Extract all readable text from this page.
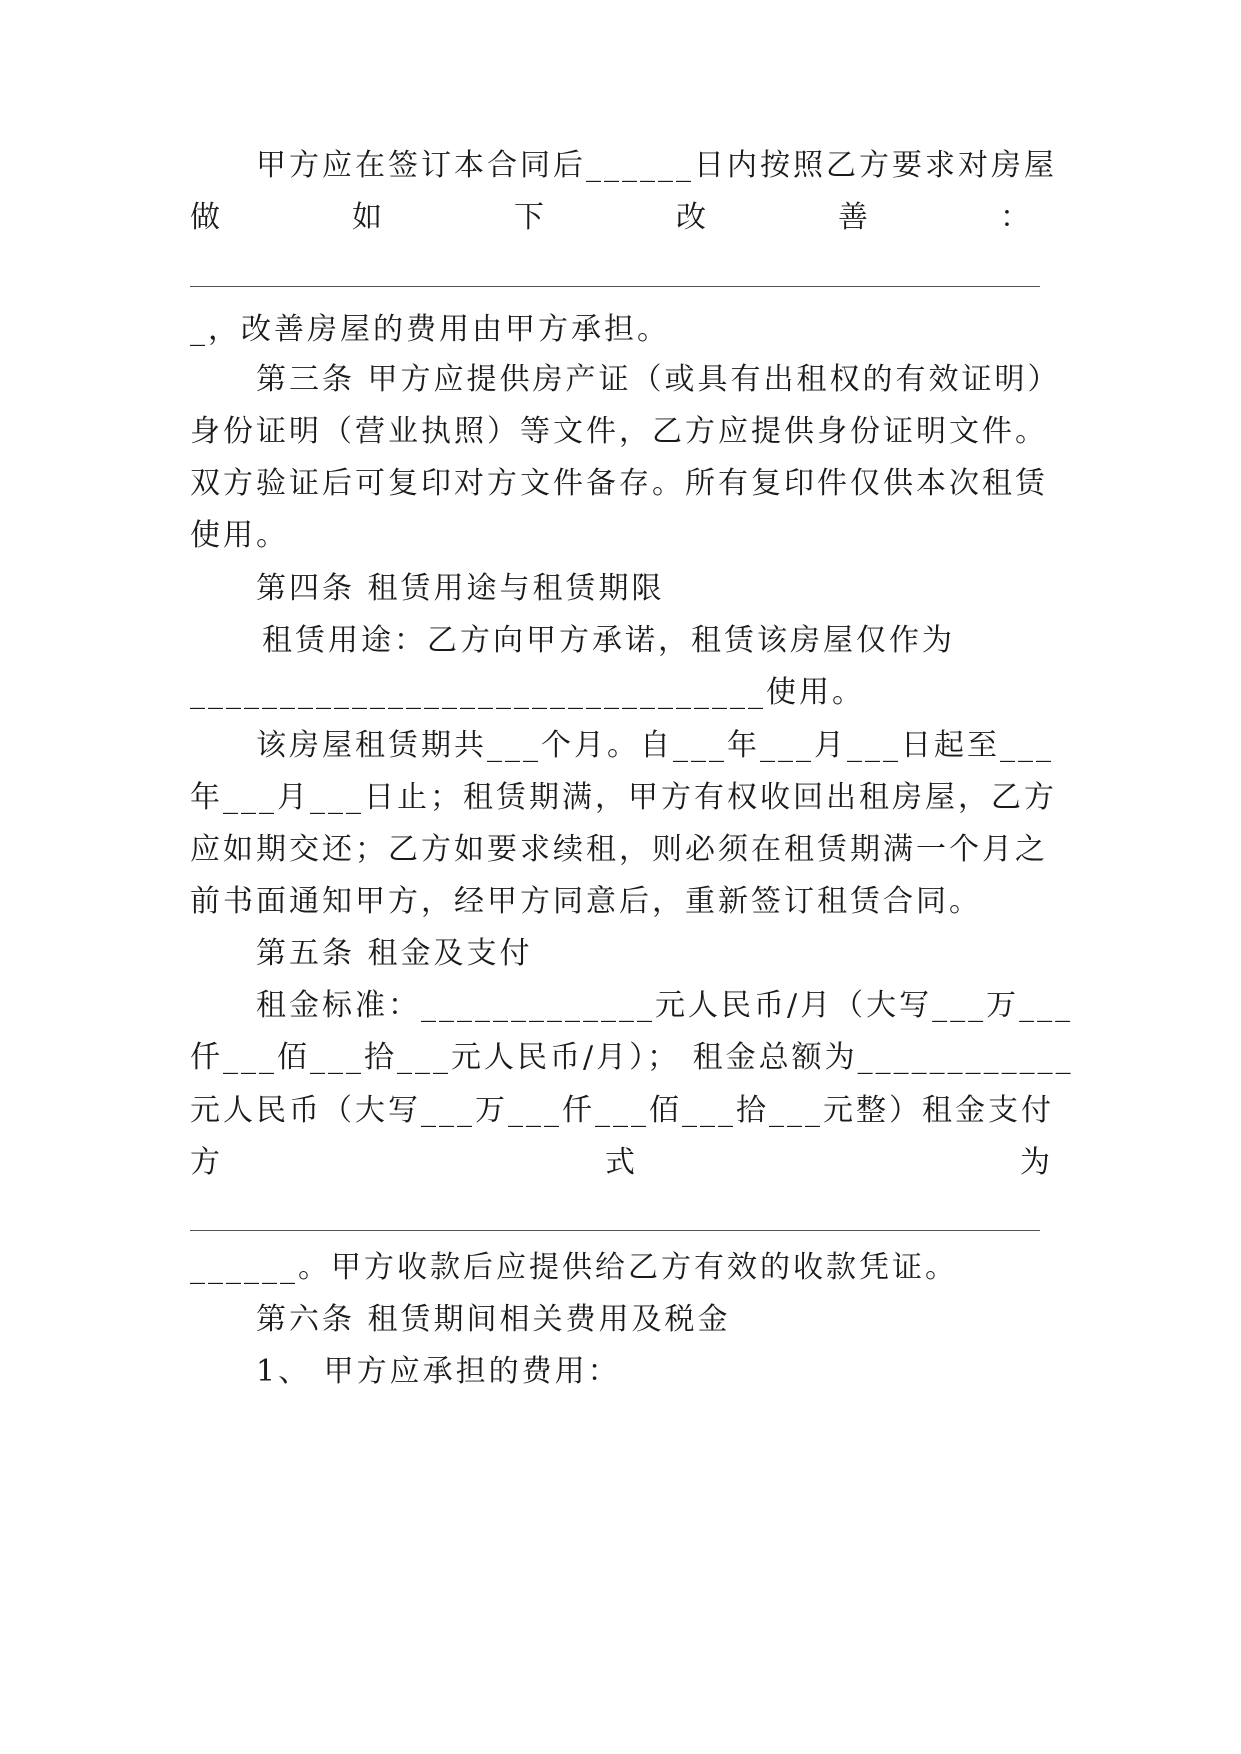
甲方应在签订本合同后______日内按照乙方要求对房屋
做	如	下	改	善	：
_，改善房屋的费用由甲方承担。
第三条 甲方应提供房产证（或具有出租权的有效证明）
身份证明（营业执照）等文件，乙方应提供身份证明文件。
双方验证后可复印对方文件备存。所有复印件仅供本次租赁
使用。
第四条 租赁用途与租赁期限
租赁用途：乙方向甲方承诺，租赁该房屋仅作为
________________________________使用。
该房屋租赁期共___个月。自___年___月___日起至___
年___月___日止；租赁期满，甲方有权收回出租房屋，乙方
应如期交还；乙方如要求续租，则必须在租赁期满一个月之
前书面通知甲方，经甲方同意后，重新签订租赁合同。
第五条 租金及支付
租金标准：_____________元人民币/月（大写___万___
仟___佰___拾___元人民币/月）； 租金总额为____________
元人民币（大写___万___仟___佰___拾___元整）租金支付
方	式	为
______。甲方收款后应提供给乙方有效的收款凭证。
第六条 租赁期间相关费用及税金
1、 甲方应承担的费用：
